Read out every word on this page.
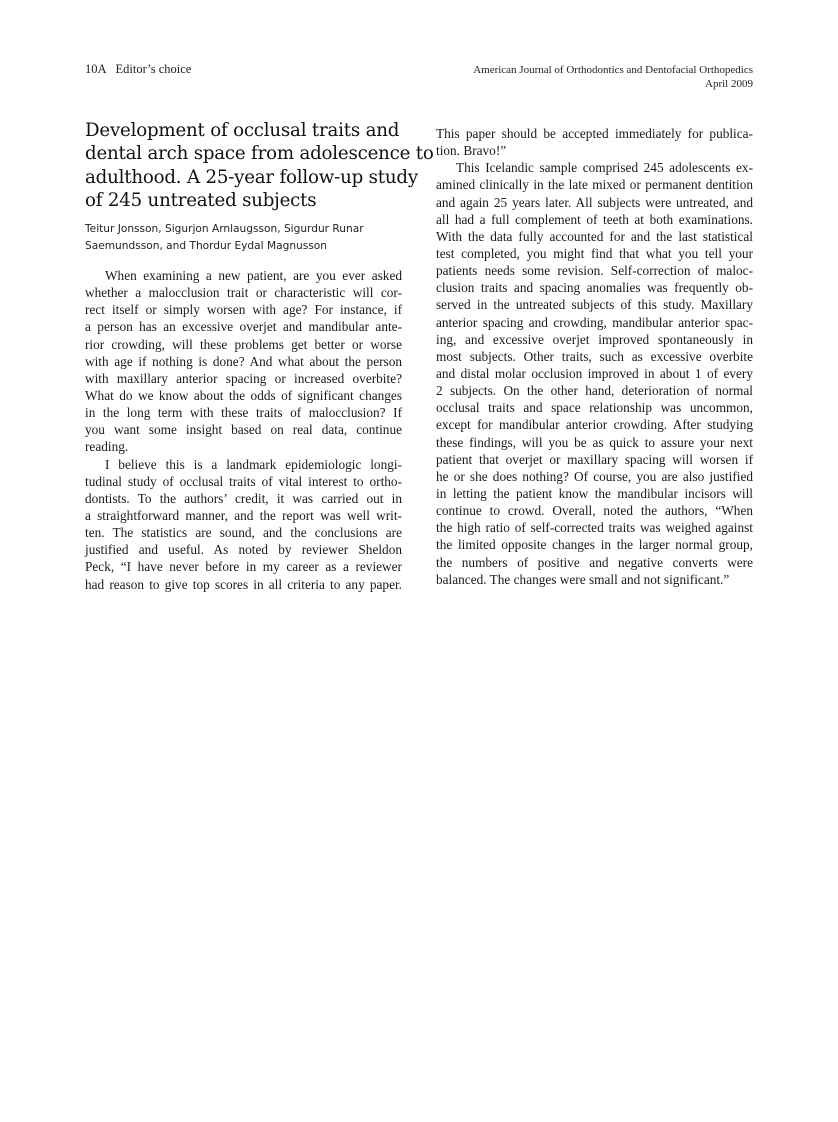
10A Editor’s choice	American Journal of Orthodontics and Dentofacial Orthopedics
April 2009
Development of occlusal traits and
dental arch space from adolescence to
adulthood. A 25-year follow-up study
of 245 untreated subjects
Teitur Jonsson, Sigurjon Arnlaugsson, Sigurdur Runar
Saemundsson, and Thordur Eydal Magnusson
When examining a new patient, are you ever asked
whether a malocclusion trait or characteristic will cor-
rect itself or simply worsen with age? For instance, if
a person has an excessive overjet and mandibular ante-
rior crowding, will these problems get better or worse
with age if nothing is done? And what about the person
with maxillary anterior spacing or increased overbite?
What do we know about the odds of significant changes
in the long term with these traits of malocclusion? If
you want some insight based on real data, continue
reading.
I believe this is a landmark epidemiologic longi-
tudinal study of occlusal traits of vital interest to ortho-
dontists. To the authors’ credit, it was carried out in
a straightforward manner, and the report was well writ-
ten. The statistics are sound, and the conclusions are
justified and useful. As noted by reviewer Sheldon
Peck, “I have never before in my career as a reviewer
had reason to give top scores in all criteria to any paper.
This paper should be accepted immediately for publica-
tion. Bravo!”
This Icelandic sample comprised 245 adolescents ex-
amined clinically in the late mixed or permanent dentition
and again 25 years later. All subjects were untreated, and
all had a full complement of teeth at both examinations.
With the data fully accounted for and the last statistical
test completed, you might find that what you tell your
patients needs some revision. Self-correction of maloc-
clusion traits and spacing anomalies was frequently ob-
served in the untreated subjects of this study. Maxillary
anterior spacing and crowding, mandibular anterior spac-
ing, and excessive overjet improved spontaneously in
most subjects. Other traits, such as excessive overbite
and distal molar occlusion improved in about 1 of every
2 subjects. On the other hand, deterioration of normal
occlusal traits and space relationship was uncommon,
except for mandibular anterior crowding. After studying
these findings, will you be as quick to assure your next
patient that overjet or maxillary spacing will worsen if
he or she does nothing? Of course, you are also justified
in letting the patient know the mandibular incisors will
continue to crowd. Overall, noted the authors, “When
the high ratio of self-corrected traits was weighed against
the limited opposite changes in the larger normal group,
the numbers of positive and negative converts were
balanced. The changes were small and not significant.”
